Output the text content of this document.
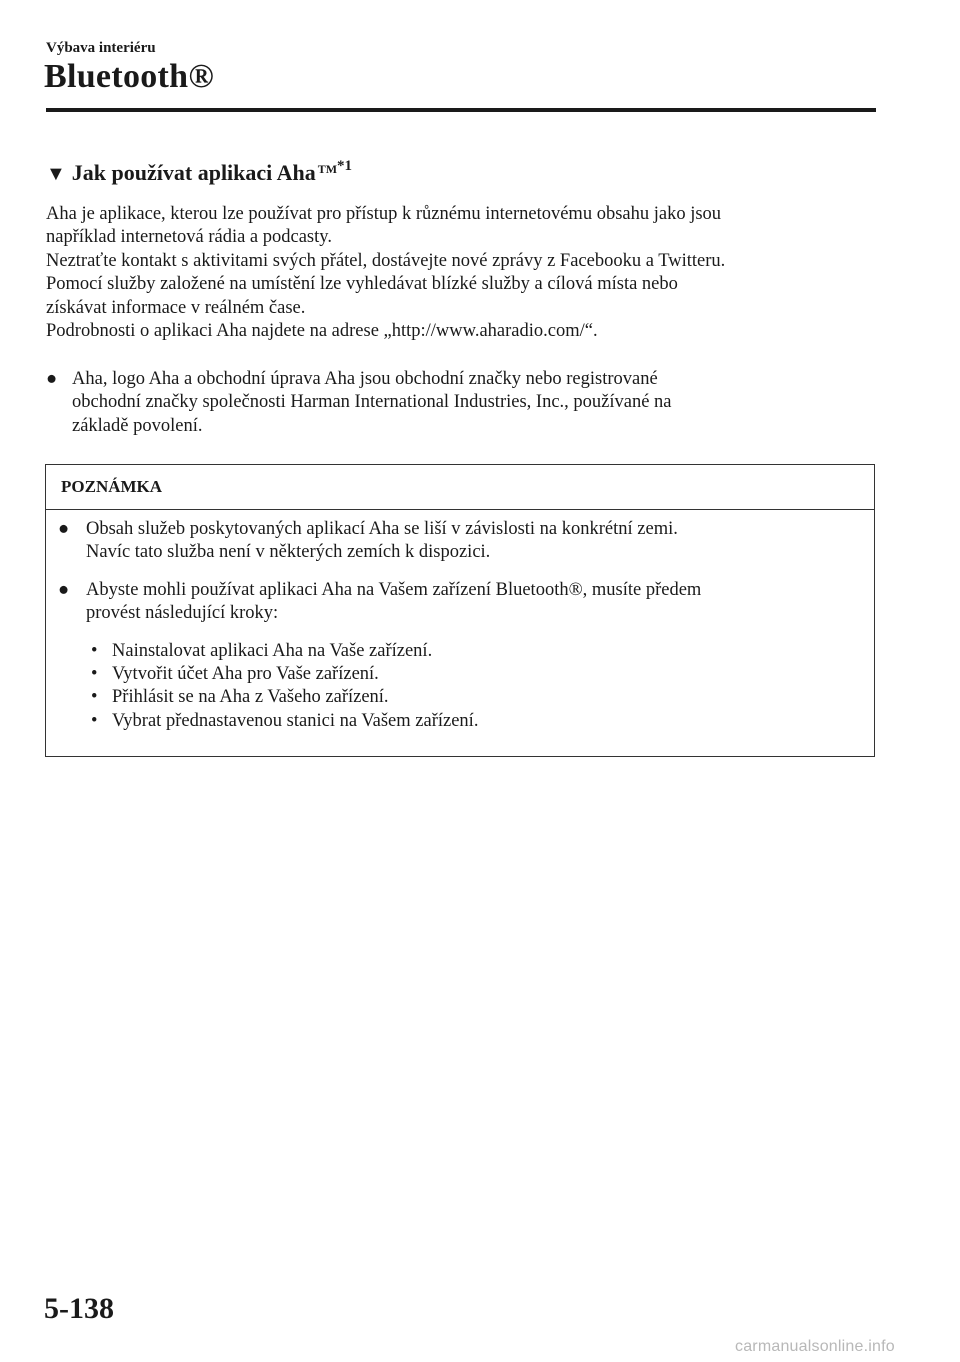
Výbava interiéru
Bluetooth®
▼ Jak používat aplikaci Aha $^{TM*1}$
Aha je aplikace, kterou lze používat pro přístup k různému internetovému obsahu jako jsou
například internetová rádia a podcasty.
Neztraťte kontakt s aktivitami svých přátel, dostávejte nové zprávy z Facebooku a Twitteru.
Pomocí služby založené na umístění lze vyhledávat blízké služby a cílová místa nebo
získávat informace v reálném čase.
Podrobnosti o aplikaci Aha najdete na adrese „http://www.aharadio.com/“.
● Aha, logo Aha a obchodní úprava Aha jsou obchodní značky nebo registrované
obchodní značky společnosti Harman International Industries, Inc., používané na
základě povolení.
POZNÁMKA
● Obsah služeb poskytovaných aplikací Aha se liší v závislosti na konkrétní zemi.
Navíc tato služba není v některých zemích k dispozici.
● Abyste mohli používat aplikaci Aha na Vašem zařízení Bluetooth®, musíte předem
provést následující kroky:
• Nainstalovat aplikaci Aha na Vaše zařízení.
• Vytvořit účet Aha pro Vaše zařízení.
• Přihlásit se na Aha z Vašeho zařízení.
• Vybrat přednastavenou stanici na Vašem zařízení.
5-138
carmanualsonline.info
